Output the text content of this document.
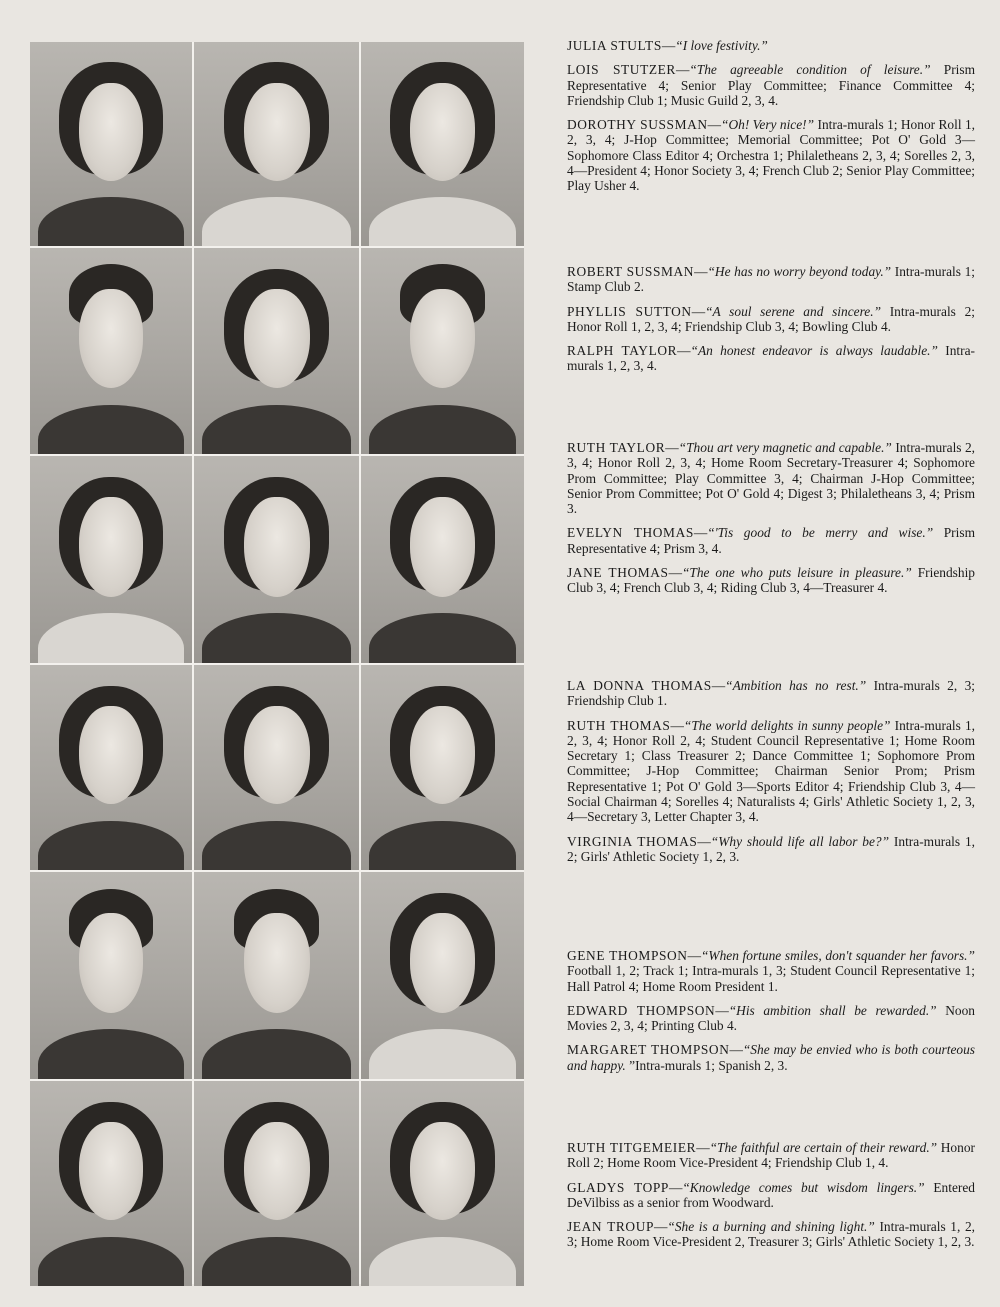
JULIA STULTS—“I love festivity.”

LOIS STUTZER—“The agreeable condition of leisure.” Prism Representative 4; Senior Play Committee; Finance Committee 4; Friendship Club 1; Music Guild 2, 3, 4.

DOROTHY SUSSMAN—“Oh! Very nice!” Intra-murals 1; Honor Roll 1, 2, 3, 4; J-Hop Committee; Memorial Committee; Pot O' Gold 3—Sophomore Class Editor 4; Orchestra 1; Philaletheans 2, 3, 4; Sorelles 2, 3, 4—President 4; Honor Society 3, 4; French Club 2; Senior Play Committee; Play Usher 4.

ROBERT SUSSMAN—“He has no worry beyond today.” Intra-murals 1; Stamp Club 2.

PHYLLIS SUTTON—“A soul serene and sincere.” Intra-murals 2; Honor Roll 1, 2, 3, 4; Friendship Club 3, 4; Bowling Club 4.

RALPH TAYLOR—“An honest endeavor is always laudable.” Intra-murals 1, 2, 3, 4.

RUTH TAYLOR—“Thou art very magnetic and capable.” Intra-murals 2, 3, 4; Honor Roll 2, 3, 4; Home Room Secretary-Treasurer 4; Sophomore Prom Committee; Play Committee 3, 4; Chairman J-Hop Committee; Senior Prom Committee; Pot O' Gold 4; Digest 3; Philaletheans 3, 4; Prism 3.

EVELYN THOMAS—“'Tis good to be merry and wise.” Prism Representative 4; Prism 3, 4.

JANE THOMAS—“The one who puts leisure in pleasure.” Friendship Club 3, 4; French Club 3, 4; Riding Club 3, 4—Treasurer 4.

LA DONNA THOMAS—“Ambition has no rest.” Intra-murals 2, 3; Friendship Club 1.

RUTH THOMAS—“The world delights in sunny people” Intra-murals 1, 2, 3, 4; Honor Roll 2, 4; Student Council Representative 1; Home Room Secretary 1; Class Treasurer 2; Dance Committee 1; Sophomore Prom Committee; J-Hop Committee; Chairman Senior Prom; Prism Representative 1; Pot O' Gold 3—Sports Editor 4; Friendship Club 3, 4—Social Chairman 4; Sorelles 4; Naturalists 4; Girls' Athletic Society 1, 2, 3, 4—Secretary 3, Letter Chapter 3, 4.

VIRGINIA THOMAS—“Why should life all labor be?” Intra-murals 1, 2; Girls' Athletic Society 1, 2, 3.

GENE THOMPSON—“When fortune smiles, don't squander her favors.” Football 1, 2; Track 1; Intra-murals 1, 3; Student Council Representative 1; Hall Patrol 4; Home Room President 1.

EDWARD THOMPSON—“His ambition shall be rewarded.” Noon Movies 2, 3, 4; Printing Club 4.

MARGARET THOMPSON—“She may be envied who is both courteous and happy. ”Intra-murals 1; Spanish 2, 3.

RUTH TITGEMEIER—“The faithful are certain of their reward.” Honor Roll 2; Home Room Vice-President 4; Friendship Club 1, 4.

GLADYS TOPP—“Knowledge comes but wisdom lingers.” Entered DeVilbiss as a senior from Woodward.

JEAN TROUP—“She is a burning and shining light.” Intra-murals 1, 2, 3; Home Room Vice-President 2, Treasurer 3; Girls' Athletic Society 1, 2, 3.
